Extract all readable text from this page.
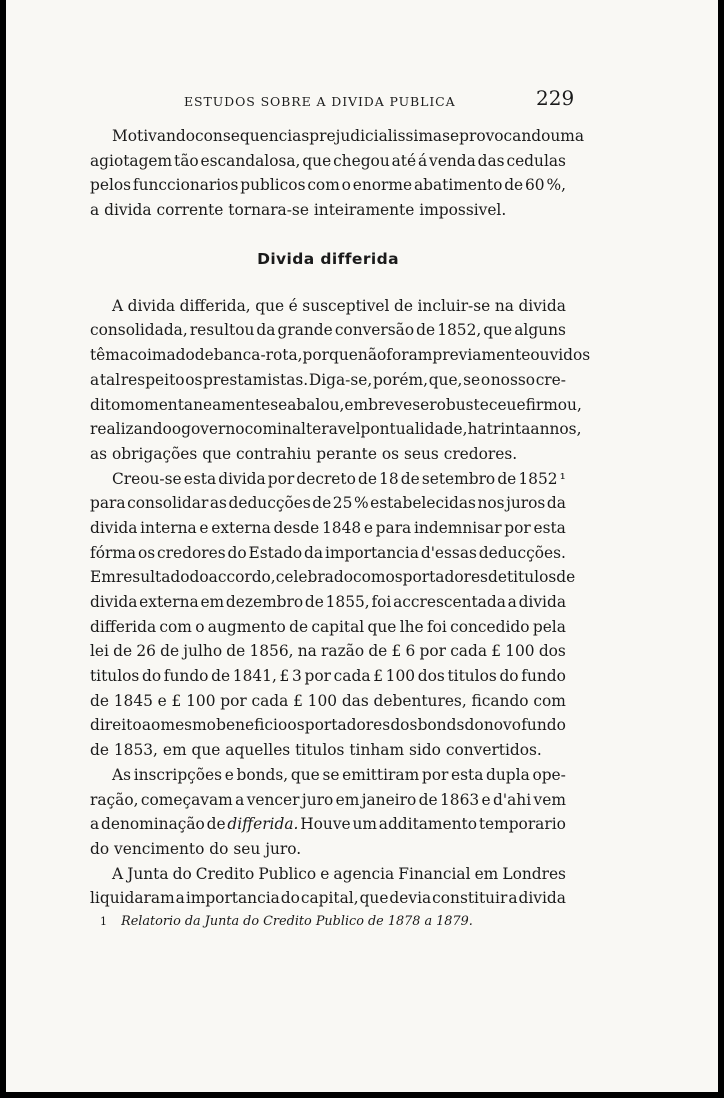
ESTUDOS SOBRE A DIVIDA PUBLICA	229
Motivando consequencias prejudicialissimas e provocando uma
agiotagem tão escandalosa, que chegou até á venda das cedulas
pelos funccionarios publicos com o enorme abatimento de 60 %,
a divida corrente tornara-se inteiramente impossivel.
Divida differida
A divida differida, que é susceptivel de incluir-se na divida
consolidada, resultou da grande conversão de 1852, que alguns
têm acoimado de banca-rota, porque não foram previamente ouvidos
a tal respeito os prestamistas. Diga-se, porém, que, se o nosso cre-
dito momentaneamente se abalou, em breve se robusteceu e firmou,
realizando o governo com inalteravel pontualidade, ha trinta annos,
as obrigações que contrahiu perante os seus credores.
Creou-se esta divida por decreto de 18 de setembro de 1852 ¹
para consolidar as deducções de 25 % estabelecidas nos juros da
divida interna e externa desde 1848 e para indemnisar por esta
fórma os credores do Estado da importancia d'essas deducções.
Em resultado do accordo, celebrado com os portadores de titulos de
divida externa em dezembro de 1855, foi accrescentada a divida
differida com o augmento de capital que lhe foi concedido pela
lei de 26 de julho de 1856, na razão de £ 6 por cada £ 100 dos
titulos do fundo de 1841, £ 3 por cada £ 100 dos titulos do fundo
de 1845 e £ 100 por cada £ 100 das debentures, ficando com
direito ao mesmo beneficio os portadores dos bonds do novo fundo
de 1853, em que aquelles titulos tinham sido convertidos.
As inscripções e bonds, que se emittiram por esta dupla ope-
ração, começavam a vencer juro em janeiro de 1863 e d'ahi vem
a denominação de differida. Houve um additamento temporario
do vencimento do seu juro.
A Junta do Credito Publico e agencia Financial em Londres
liquidaram a importancia do capital, que devia constituir a divida
1 Relatorio da Junta do Credito Publico de 1878 a 1879.
